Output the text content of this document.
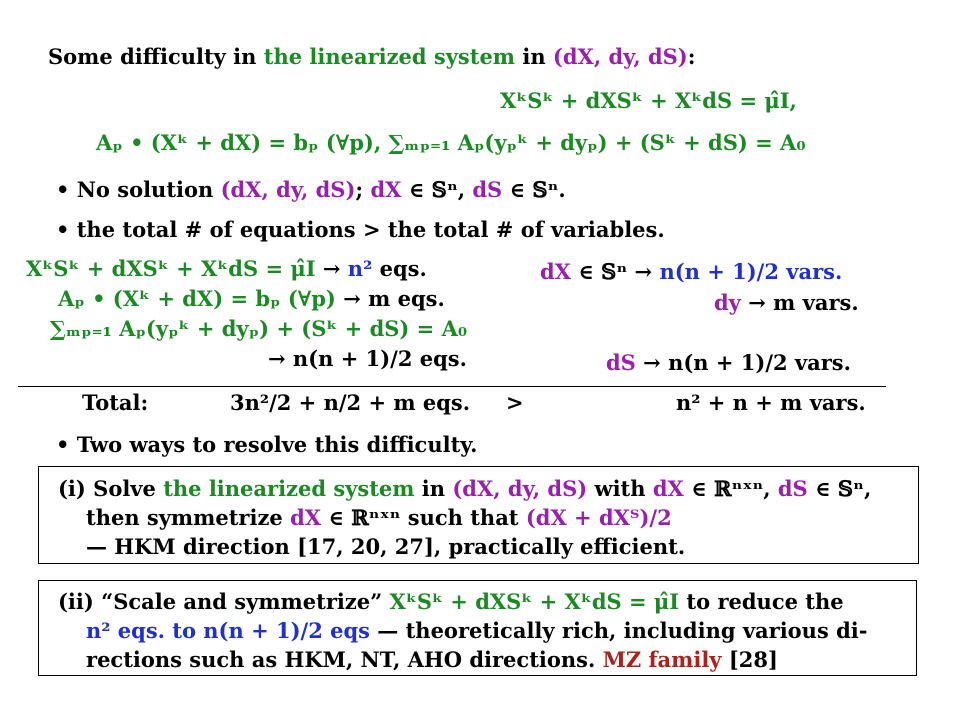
Some difficulty in the linearized system in (dX, dy, dS):
XᵏSᵏ + dXSᵏ + XᵏdS = μ̂I,
Aₚ • (Xᵏ + dX) = bₚ (∀p), ∑ₘₚ₌₁ Aₚ(yₚᵏ + dyₚ) + (Sᵏ + dS) = A₀
• No solution (dX, dy, dS); dX ∈ 𝕊ⁿ, dS ∈ 𝕊ⁿ.
• the total # of equations > the total # of variables.
XᵏSᵏ + dXSᵏ + XᵏdS = μ̂I → n² eqs.
Aₚ • (Xᵏ + dX) = bₚ (∀p) → m eqs.
∑ₘₚ₌₁ Aₚ(yₚᵏ + dyₚ) + (Sᵏ + dS) = A₀
→ n(n + 1)/2 eqs.
dX ∈ 𝕊ⁿ → n(n + 1)/2 vars.
dy → m vars.
dS → n(n + 1)/2 vars.
Total:	3n²/2 + n/2 + m eqs. >	n² + n + m vars.
• Two ways to resolve this difficulty.
(i) Solve the linearized system in (dX, dy, dS) with dX ∈ ℝⁿˣⁿ, dS ∈ 𝕊ⁿ,
then symmetrize dX ∈ ℝⁿˣⁿ such that (dX + dXᵀ)/2
— HKM direction [17, 20, 27], practically efficient.
(ii) “Scale and symmetrize” XᵏSᵏ + dXSᵏ + XᵏdS = μ̂I to reduce the
n² eqs. to n(n + 1)/2 eqs — theoretically rich, including various di-
rections such as HKM, NT, AHO directions. MZ family [28]
